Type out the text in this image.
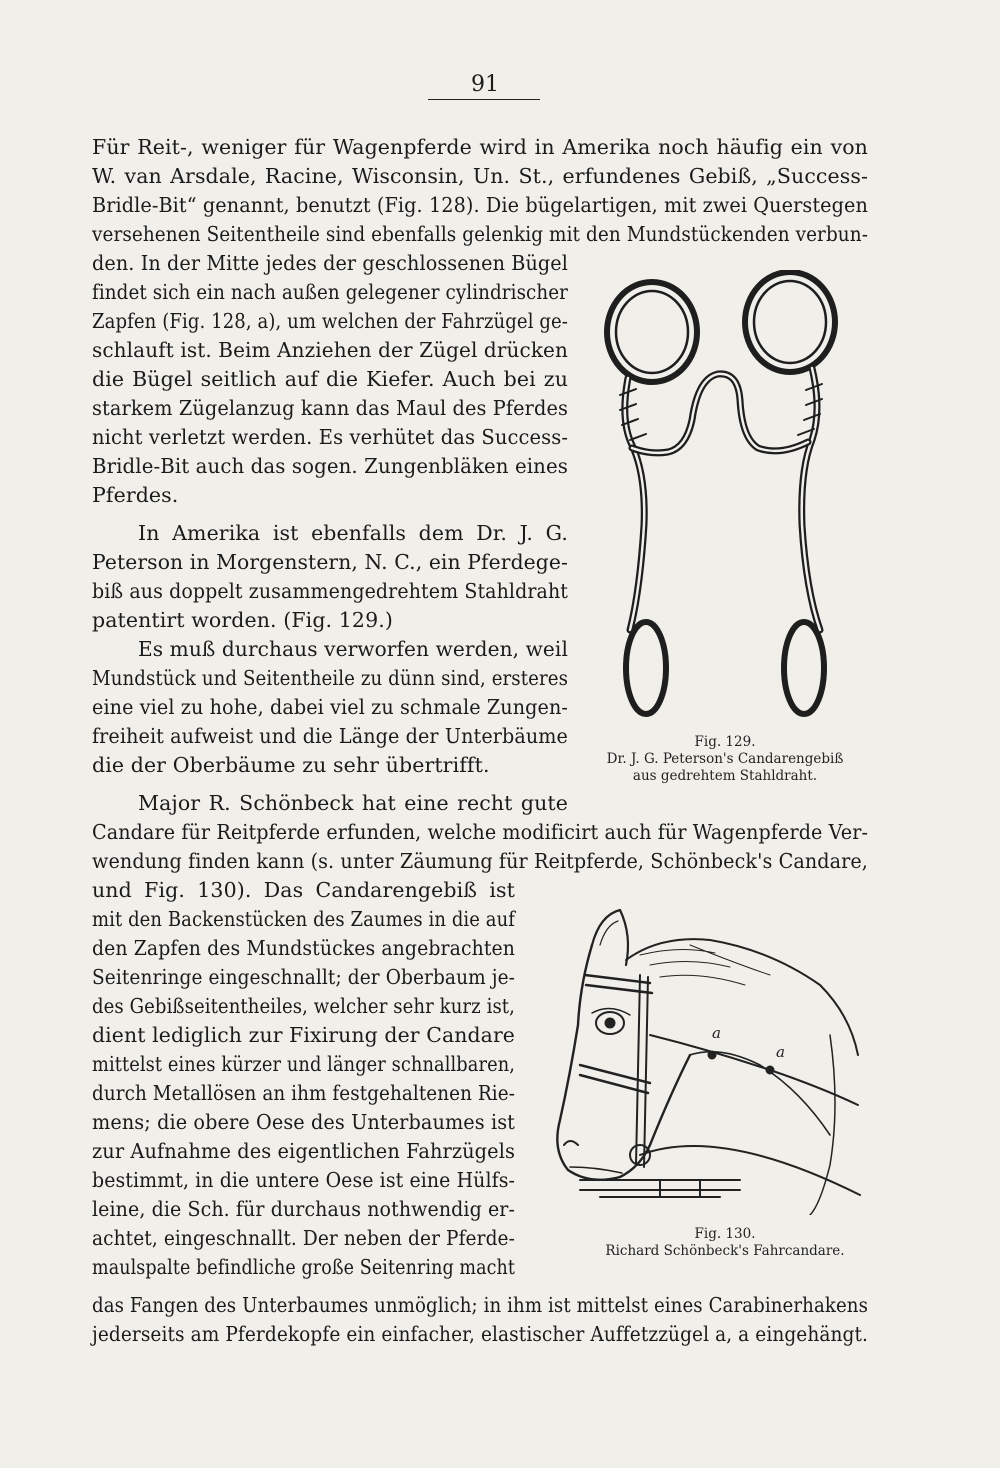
91
Für Reit-, weniger für Wagenpferde wird in Amerika noch häufig ein von
W. van Arsdale, Racine, Wisconsin, Un. St., erfundenes Gebiß, „Success-
Bridle-Bit“ genannt, benutzt (Fig. 128). Die bügelartigen, mit zwei Querstegen
versehenen Seitentheile sind ebenfalls gelenkig mit den Mundstückenden verbun-
den. In der Mitte jedes der geschlossenen Bügel
findet sich ein nach außen gelegener cylindrischer
Zapfen (Fig. 128, a), um welchen der Fahrzügel ge-
schlauft ist. Beim Anziehen der Zügel drücken
die Bügel seitlich auf die Kiefer. Auch bei zu
starkem Zügelanzug kann das Maul des Pferdes
nicht verletzt werden. Es verhütet das Success-
Bridle-Bit auch das sogen. Zungenbläken eines
Pferdes.
In Amerika ist ebenfalls dem Dr. J. G.
Peterson in Morgenstern, N. C., ein Pferdege-
biß aus doppelt zusammengedrehtem Stahldraht
patentirt worden. (Fig. 129.)
Es muß durchaus verworfen werden, weil
Mundstück und Seitentheile zu dünn sind, ersteres
eine viel zu hohe, dabei viel zu schmale Zungen-
freiheit aufweist und die Länge der Unterbäume
die der Oberbäume zu sehr übertrifft.
Major R. Schönbeck hat eine recht gute
Candare für Reitpferde erfunden, welche modificirt auch für Wagenpferde Ver-
wendung finden kann (s. unter Zäumung für Reitpferde, Schönbeck's Candare,
und Fig. 130). Das Candarengebiß ist
mit den Backenstücken des Zaumes in die auf
den Zapfen des Mundstückes angebrachten
Seitenringe eingeschnallt; der Oberbaum je-
des Gebißseitentheiles, welcher sehr kurz ist,
dient lediglich zur Fixirung der Candare
mittelst eines kürzer und länger schnallbaren,
durch Metallösen an ihm festgehaltenen Rie-
mens; die obere Oese des Unterbaumes ist
zur Aufnahme des eigentlichen Fahrzügels
bestimmt, in die untere Oese ist eine Hülfs-
leine, die Sch. für durchaus nothwendig er-
achtet, eingeschnallt. Der neben der Pferde-
maulspalte befindliche große Seitenring macht
das Fangen des Unterbaumes unmöglich; in ihm ist mittelst eines Carabinerhakens
jederseits am Pferdekopfe ein einfacher, elastischer Auffetzzügel a, a eingehängt.
Fig. 129.
Dr. J. G. Peterson's Candarengebiß
aus gedrehtem Stahldraht.
a
a
Fig. 130.
Richard Schönbeck's Fahrcandare.
